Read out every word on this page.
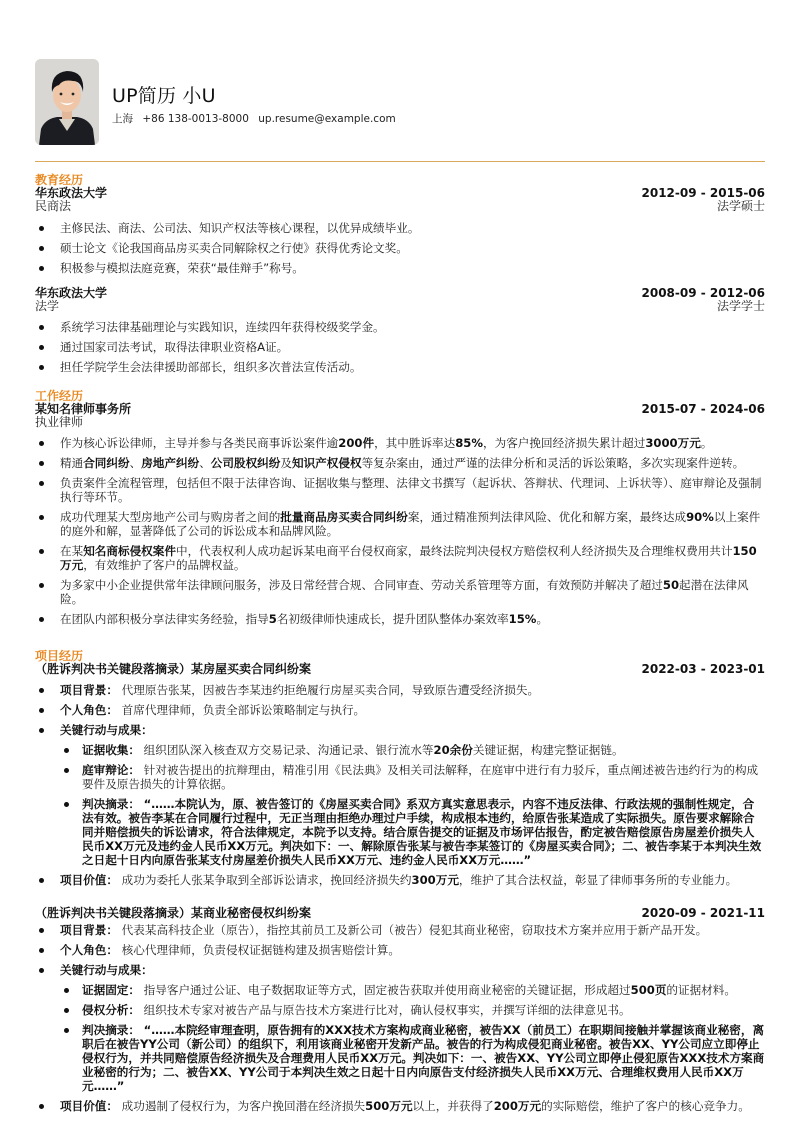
UP简历 小U
上海 +86 138-0013-8000 up.resume@example.com
教育经历
华东政法大学	2012-09 - 2015-06
民商法	法学硕士
主修民法、商法、公司法、知识产权法等核心课程，以优异成绩毕业。
硕士论文《论我国商品房买卖合同解除权之行使》获得优秀论文奖。
积极参与模拟法庭竞赛，荣获“最佳辩手”称号。
华东政法大学	2008-09 - 2012-06
法学	法学学士
系统学习法律基础理论与实践知识，连续四年获得校级奖学金。
通过国家司法考试，取得法律职业资格A证。
担任学院学生会法律援助部部长，组织多次普法宣传活动。
工作经历
某知名律师事务所	2015-07 - 2024-06
执业律师
作为核心诉讼律师，主导并参与各类民商事诉讼案件逾200件，其中胜诉率达85%，为客户挽回经济损失累计超过3000万元。
精通合同纠纷、房地产纠纷、公司股权纠纷及知识产权侵权等复杂案由，通过严谨的法律分析和灵活的诉讼策略，多次实现案件逆转。
负责案件全流程管理，包括但不限于法律咨询、证据收集与整理、法律文书撰写（起诉状、答辩状、代理词、上诉状等）、庭审辩论及强制执行等环节。
成功代理某大型房地产公司与购房者之间的批量商品房买卖合同纠纷案，通过精准预判法律风险、优化和解方案，最终达成90%以上案件的庭外和解，显著降低了公司的诉讼成本和品牌风险。
在某知名商标侵权案件中，代表权利人成功起诉某电商平台侵权商家，最终法院判决侵权方赔偿权利人经济损失及合理维权费用共计150万元，有效维护了客户的品牌权益。
为多家中小企业提供常年法律顾问服务，涉及日常经营合规、合同审查、劳动关系管理等方面，有效预防并解决了超过50起潜在法律风险。
在团队内部积极分享法律实务经验，指导5名初级律师快速成长，提升团队整体办案效率15%。
项目经历
（胜诉判决书关键段落摘录）某房屋买卖合同纠纷案	2022-03 - 2023-01
项目背景： 代理原告张某，因被告李某违约拒绝履行房屋买卖合同，导致原告遭受经济损失。
个人角色： 首席代理律师，负责全部诉讼策略制定与执行。
关键行动与成果：
证据收集： 组织团队深入核查双方交易记录、沟通记录、银行流水等20余份关键证据，构建完整证据链。
庭审辩论： 针对被告提出的抗辩理由，精准引用《民法典》及相关司法解释，在庭审中进行有力驳斥，重点阐述被告违约行为的构成要件及原告损失的计算依据。
判决摘录： “……本院认为，原、被告签订的《房屋买卖合同》系双方真实意思表示，内容不违反法律、行政法规的强制性规定，合法有效。被告李某在合同履行过程中，无正当理由拒绝办理过户手续，构成根本违约，给原告张某造成了实际损失。原告要求解除合同并赔偿损失的诉讼请求，符合法律规定，本院予以支持。结合原告提交的证据及市场评估报告，酌定被告赔偿原告房屋差价损失人民币XX万元及违约金人民币XX万元。判决如下：一、解除原告张某与被告李某签订的《房屋买卖合同》；二、被告李某于本判决生效之日起十日内向原告张某支付房屋差价损失人民币XX万元、违约金人民币XX万元……”
项目价值： 成功为委托人张某争取到全部诉讼请求，挽回经济损失约300万元，维护了其合法权益，彰显了律师事务所的专业能力。
（胜诉判决书关键段落摘录）某商业秘密侵权纠纷案	2020-09 - 2021-11
项目背景： 代表某高科技企业（原告），指控其前员工及新公司（被告）侵犯其商业秘密，窃取技术方案并应用于新产品开发。
个人角色： 核心代理律师，负责侵权证据链构建及损害赔偿计算。
关键行动与成果：
证据固定： 指导客户通过公证、电子数据取证等方式，固定被告获取并使用商业秘密的关键证据，形成超过500页的证据材料。
侵权分析： 组织技术专家对被告产品与原告技术方案进行比对，确认侵权事实，并撰写详细的法律意见书。
判决摘录： “……本院经审理查明，原告拥有的XXX技术方案构成商业秘密，被告XX（前员工）在职期间接触并掌握该商业秘密，离职后在被告YY公司（新公司）的组织下，利用该商业秘密开发新产品。被告的行为构成侵犯商业秘密。被告XX、YY公司应立即停止侵权行为，并共同赔偿原告经济损失及合理费用人民币XX万元。判决如下：一、被告XX、YY公司立即停止侵犯原告XXX技术方案商业秘密的行为；二、被告XX、YY公司于本判决生效之日起十日内向原告支付经济损失人民币XX万元、合理维权费用人民币XX万元……”
项目价值： 成功遏制了侵权行为，为客户挽回潜在经济损失500万元以上，并获得了200万元的实际赔偿，维护了客户的核心竞争力。
